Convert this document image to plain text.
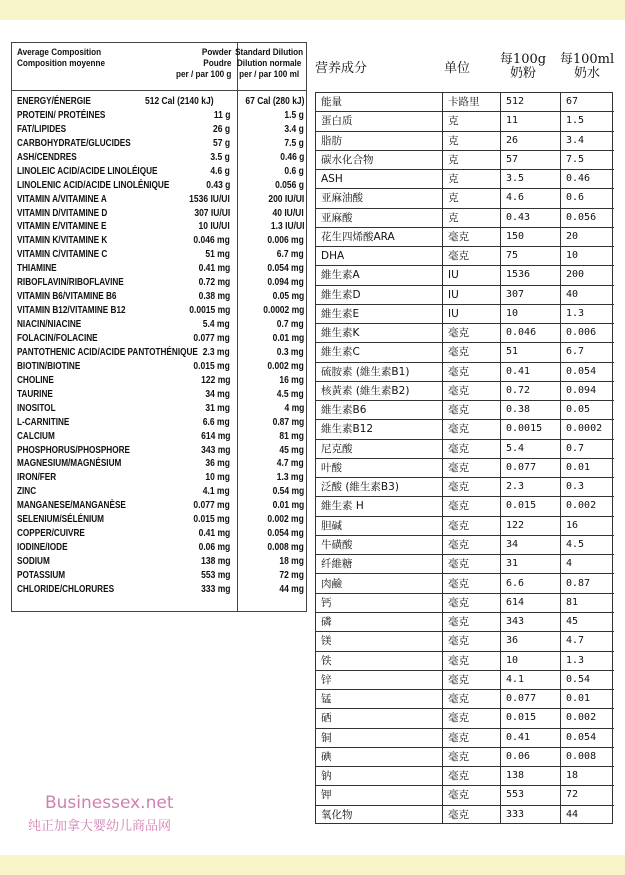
Average Composition
Composition moyenne
Powder
Poudre
per / par 100 g
Standard Dilution
Dilution normale
per / par 100 ml
ENERGY/ÉNERGIE	512 Cal (2140 kJ)	67 Cal (280 kJ)
PROTEIN/ PROTÉINES	11 g	1.5 g
FAT/LIPIDES	26 g	3.4 g
CARBOHYDRATE/GLUCIDES	57 g	7.5 g
ASH/CENDRES	3.5 g	0.46 g
LINOLEIC ACID/ACIDE LINOLÉIQUE	4.6 g	0.6 g
LINOLENIC ACID/ACIDE LINOLÉNIQUE	0.43 g	0.056 g
VITAMIN A/VITAMINE A	1536 IU/UI	200 IU/UI
VITAMIN D/VITAMINE D	307 IU/UI	40 IU/UI
VITAMIN E/VITAMINE E	10 IU/UI	1.3 IU/UI
VITAMIN K/VITAMINE K	0.046 mg	0.006 mg
VITAMIN C/VITAMINE C	51 mg	6.7 mg
THIAMINE	0.41 mg	0.054 mg
RIBOFLAVIN/RIBOFLAVINE	0.72 mg	0.094 mg
VITAMIN B6/VITAMINE B6	0.38 mg	0.05 mg
VITAMIN B12/VITAMINE B12	0.0015 mg	0.0002 mg
NIACIN/NIACINE	5.4 mg	0.7 mg
FOLACIN/FOLACINE	0.077 mg	0.01 mg
PANTOTHENIC ACID/ACIDE PANTOTHÉNIQUE 2.3 mg	0.3 mg
BIOTIN/BIOTINE	0.015 mg	0.002 mg
CHOLINE	122 mg	16 mg
TAURINE	34 mg	4.5 mg
INOSITOL	31 mg	4 mg
L-CARNITINE	6.6 mg	0.87 mg
CALCIUM	614 mg	81 mg
PHOSPHORUS/PHOSPHORE	343 mg	45 mg
MAGNESIUM/MAGNÉSIUM	36 mg	4.7 mg
IRON/FER	10 mg	1.3 mg
ZINC	4.1 mg	0.54 mg
MANGANESE/MANGANÈSE	0.077 mg	0.01 mg
SELENIUM/SÉLÉNIUM	0.015 mg	0.002 mg
COPPER/CUIVRE	0.41 mg	0.054 mg
IODINE/IODE	0.06 mg	0.008 mg
SODIUM	138 mg	18 mg
POTASSIUM	553 mg	72 mg
CHLORIDE/CHLORURES	333 mg	44 mg
营养成分	单位
每100g
奶粉
每100ml
奶水
能量	卡路里	512	67
蛋白质	克	11	1.5
脂肪	克	26	3.4
碳水化合物	克	57	7.5
ASH	克	3.5	0.46
亚麻油酸	克	4.6	0.6
亚麻酸	克	0.43	0.056
花生四烯酸ARA	毫克	150	20
DHA	毫克	75	10
維生素A	IU	1536	200
維生素D	IU	307	40
維生素E	IU	10	1.3
維生素K	毫克	0.046	0.006
維生素C	毫克	51	6.7
硫胺素 (維生素B1)	毫克	0.41	0.054
核黃素 (維生素B2)	毫克	0.72	0.094
維生素B6	毫克	0.38	0.05
維生素B12	毫克	0.0015 0.0002
尼克酸	毫克	5.4	0.7
叶酸	毫克	0.077	0.01
泛酸 (維生素B3)	毫克	2.3	0.3
維生素 H	毫克	0.015	0.002
胆碱	毫克	122	16
牛磺酸	毫克	34	4.5
纤維糖	毫克	31	4
肉鹼	毫克	6.6	0.87
钙	毫克	614	81
磷	毫克	343	45
镁	毫克	36	4.7
铁	毫克	10	1.3
锌	毫克	4.1	0.54
锰	毫克	0.077	0.01
硒	毫克	0.015	0.002
铜	毫克	0.41	0.054
碘	毫克	0.06	0.008
钠	毫克	138	18
钾	毫克	553	72
氧化物	毫克	333	44
Businessex.net
纯正加拿大婴幼儿商品网
